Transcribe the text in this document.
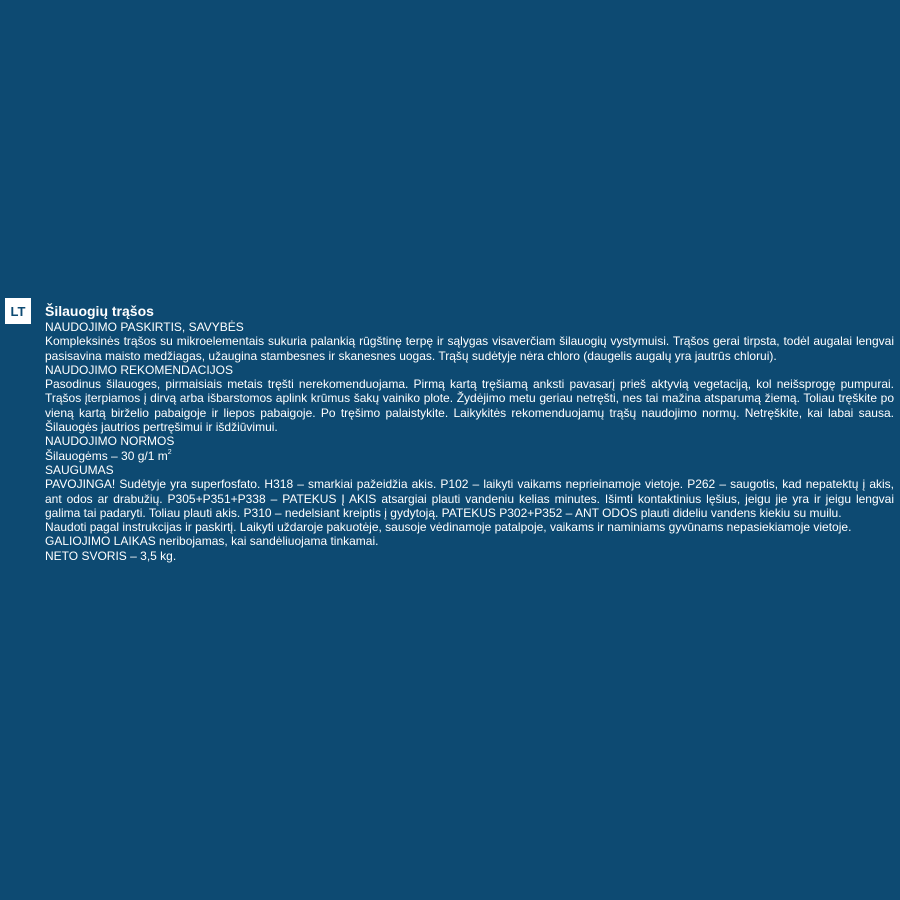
LT	Šilauogių trąšos
NAUDOJIMO PASKIRTIS, SAVYBĖS
Kompleksinės trąšos su mikroelementais sukuria palankią rūgštinę terpę ir sąlygas visaverčiam šilauogių vystymuisi. Trąšos gerai tirpsta, todėl augalai lengvai pasisavina maisto medžiagas, užaugina stambesnes ir skanesnes uogas. Trąšų sudėtyje nėra chloro (daugelis augalų yra jautrūs chlorui).
NAUDOJIMO REKOMENDACIJOS
Pasodinus šilauoges, pirmaisiais metais tręšti nerekomenduojama. Pirmą kartą tręšiamą anksti pavasarį prieš aktyvią vegetaciją, kol neišsprogę pumpurai. Trąšos įterpiamos į dirvą arba išbarstomos aplink krūmus šakų vainiko plote. Žydėjimo metu geriau netręšti, nes tai mažina atsparumą žiemą. Toliau tręškite po vieną kartą birželio pabaigoje ir liepos pabaigoje. Po tręšimo palaistykite. Laikykitės rekomenduojamų trąšų naudojimo normų. Netręškite, kai labai sausa. Šilauogės jautrios pertręšimui ir išdžiūvimui.
NAUDOJIMO NORMOS
Šilauogėms – 30 g/1 $m^2$
SAUGUMAS
PAVOJINGA! Sudėtyje yra superfosfato. H318 – smarkiai pažeidžia akis. P102 – laikyti vaikams neprieinamoje vietoje. P262 – saugotis, kad nepatektų į akis, ant odos ar drabužių. P305+P351+P338 – PATEKUS Į AKIS atsargiai plauti vandeniu kelias minutes. Išimti kontaktinius lęšius, jeigu jie yra ir jeigu lengvai galima tai padaryti. Toliau plauti akis. P310 – nedelsiant kreiptis į gydytoją. PATEKUS P302+P352 – ANT ODOS plauti dideliu vandens kiekiu su muilu.
Naudoti pagal instrukcijas ir paskirtį. Laikyti uždaroje pakuotėje, sausoje vėdinamoje patalpoje, vaikams ir naminiams gyvūnams nepasiekiamoje vietoje.
GALIOJIMO LAIKAS neribojamas, kai sandėliuojama tinkamai.
NETO SVORIS – 3,5 kg.
